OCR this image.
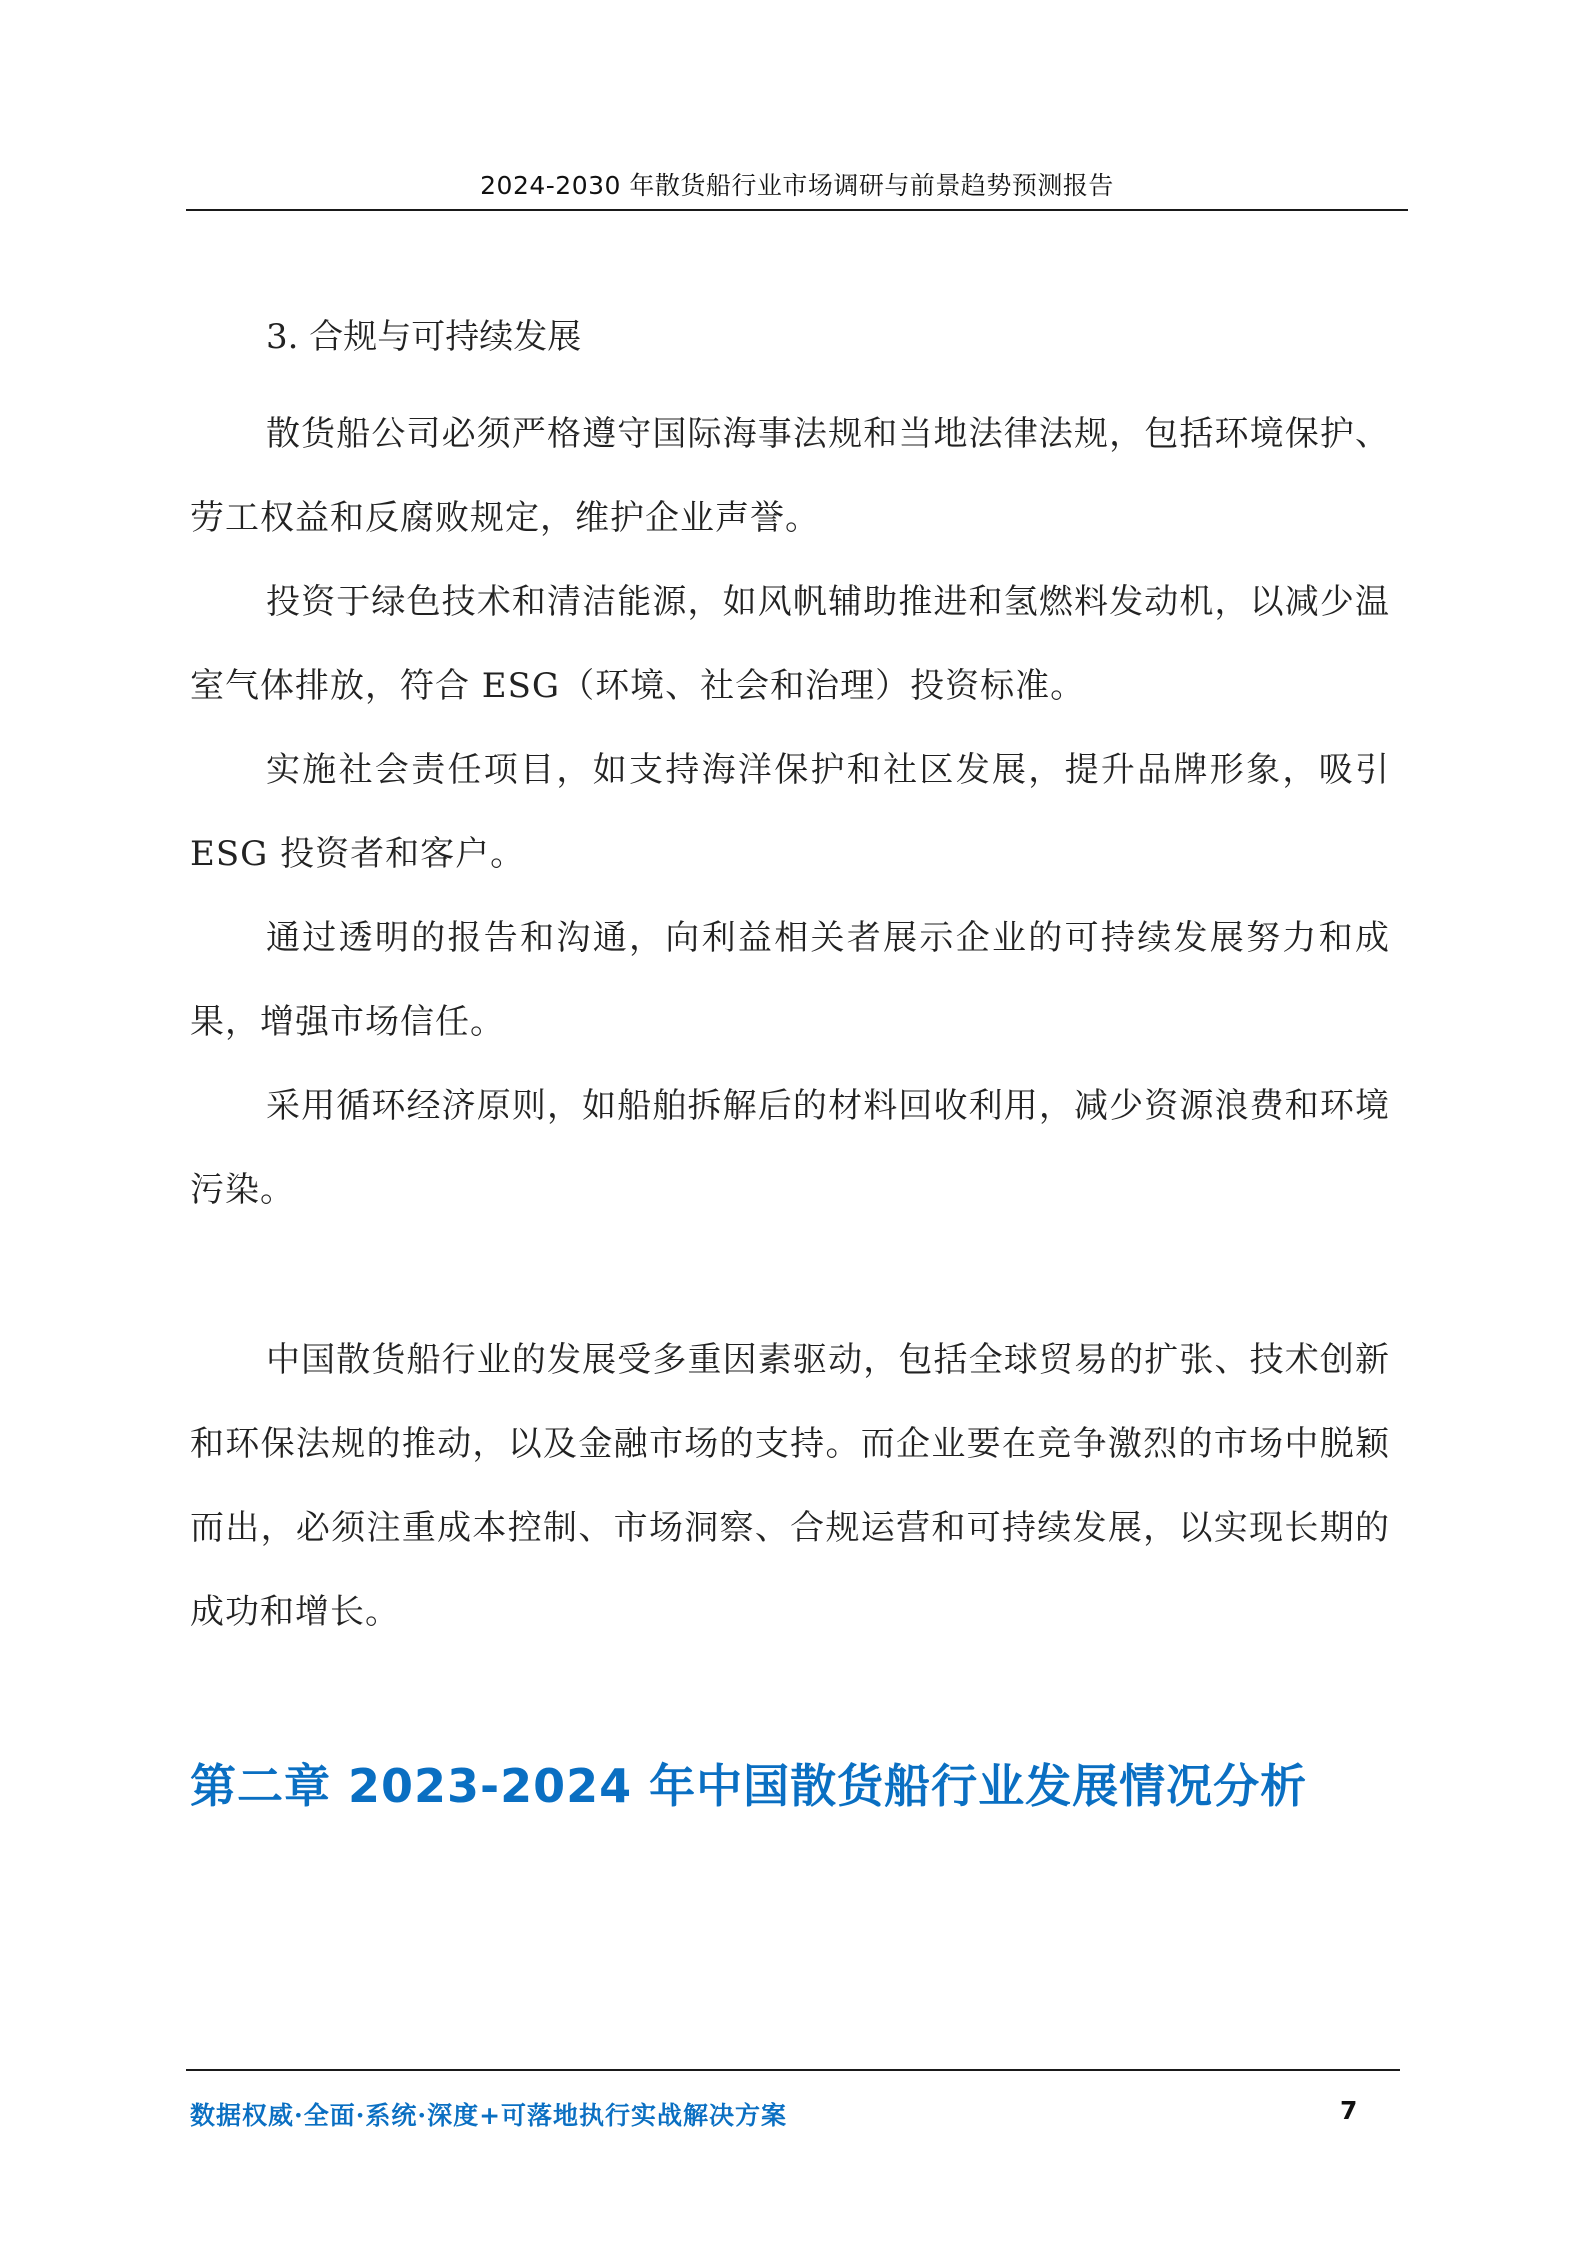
2024-2030 年散货船行业市场调研与前景趋势预测报告
3. 合规与可持续发展

散货船公司必须严格遵守国际海事法规和当地法律法规，包括环境保护、劳工权益和反腐败规定，维护企业声誉。

投资于绿色技术和清洁能源，如风帆辅助推进和氢燃料发动机，以减少温室气体排放，符合 ESG（环境、社会和治理）投资标准。

实施社会责任项目，如支持海洋保护和社区发展，提升品牌形象，吸引 ESG 投资者和客户。

通过透明的报告和沟通，向利益相关者展示企业的可持续发展努力和成果，增强市场信任。

采用循环经济原则，如船舶拆解后的材料回收利用，减少资源浪费和环境污染。

中国散货船行业的发展受多重因素驱动，包括全球贸易的扩张、技术创新和环保法规的推动，以及金融市场的支持。而企业要在竞争激烈的市场中脱颖而出，必须注重成本控制、市场洞察、合规运营和可持续发展，以实现长期的成功和增长。

第二章 2023-2024 年中国散货船行业发展情况分析
数据权威·全面·系统·深度+可落地执行实战解决方案	7
